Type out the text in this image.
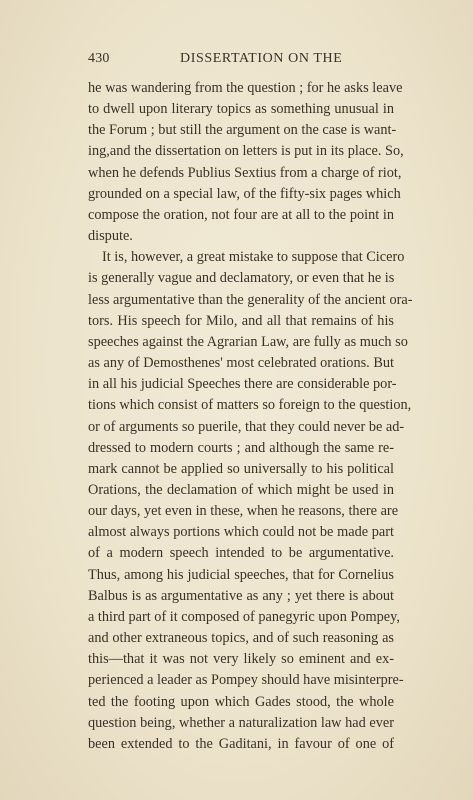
430	DISSERTATION ON THE
he was wandering from the question ; for he asks leave
to dwell upon literary topics as something unusual in
the Forum ; but still the argument on the case is want-
ing,and the dissertation on letters is put in its place. So,
when he defends Publius Sextius from a charge of riot,
grounded on a special law, of the fifty-six pages which
compose the oration, not four are at all to the point in
dispute.
It is, however, a great mistake to suppose that Cicero
is generally vague and declamatory, or even that he is
less argumentative than the generality of the ancient ora-
tors. His speech for Milo, and all that remains of his
speeches against the Agrarian Law, are fully as much so
as any of Demosthenes' most celebrated orations. But
in all his judicial Speeches there are considerable por-
tions which consist of matters so foreign to the question,
or of arguments so puerile, that they could never be ad-
dressed to modern courts ; and although the same re-
mark cannot be applied so universally to his political
Orations, the declamation of which might be used in
our days, yet even in these, when he reasons, there are
almost always portions which could not be made part
of a modern speech intended to be argumentative.
Thus, among his judicial speeches, that for Cornelius
Balbus is as argumentative as any ; yet there is about
a third part of it composed of panegyric upon Pompey,
and other extraneous topics, and of such reasoning as
this—that it was not very likely so eminent and ex-
perienced a leader as Pompey should have misinterpre-
ted the footing upon which Gades stood, the whole
question being, whether a naturalization law had ever
been extended to the Gaditani, in favour of one of
